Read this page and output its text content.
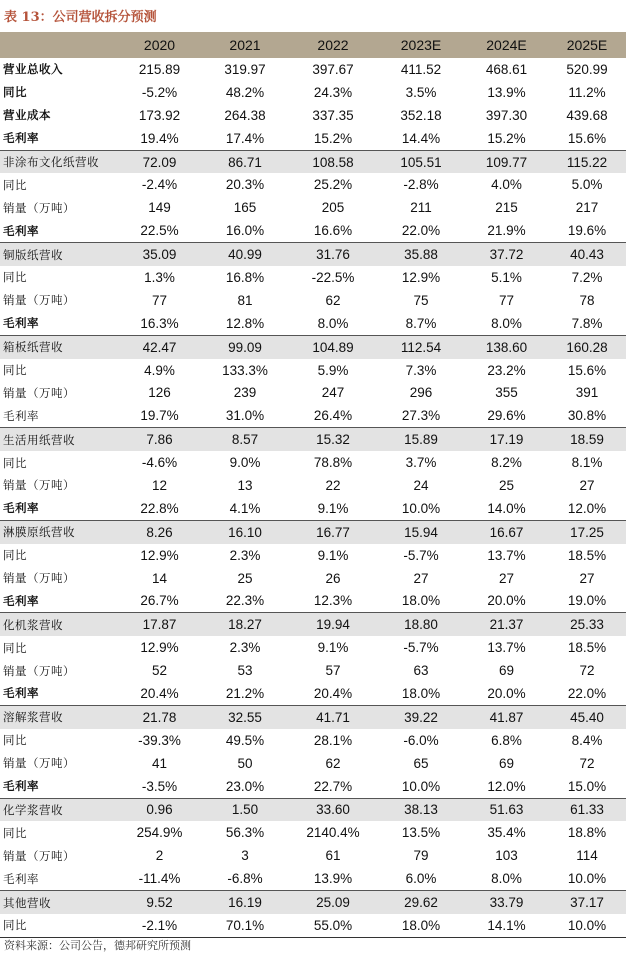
表 13：公司营收拆分预测
	2020	2021	2022	2023E	2024E	2025E
营业总收入	215.89	319.97	397.67	411.52	468.61	520.99
同比	-5.2%	48.2%	24.3%	3.5%	13.9%	11.2%
营业成本	173.92	264.38	337.35	352.18	397.30	439.68
毛利率	19.4%	17.4%	15.2%	14.4%	15.2%	15.6%
非涂布文化纸营收	72.09	86.71	108.58	105.51	109.77	115.22
同比	-2.4%	20.3%	25.2%	-2.8%	4.0%	5.0%
销量（万吨）	149	165	205	211	215	217
毛利率	22.5%	16.0%	16.6%	22.0%	21.9%	19.6%
铜版纸营收	35.09	40.99	31.76	35.88	37.72	40.43
同比	1.3%	16.8%	-22.5%	12.9%	5.1%	7.2%
销量（万吨）	77	81	62	75	77	78
毛利率	16.3%	12.8%	8.0%	8.7%	8.0%	7.8%
箱板纸营收	42.47	99.09	104.89	112.54	138.60	160.28
同比	4.9%	133.3%	5.9%	7.3%	23.2%	15.6%
销量（万吨）	126	239	247	296	355	391
毛利率	19.7%	31.0%	26.4%	27.3%	29.6%	30.8%
生活用纸营收	7.86	8.57	15.32	15.89	17.19	18.59
同比	-4.6%	9.0%	78.8%	3.7%	8.2%	8.1%
销量（万吨）	12	13	22	24	25	27
毛利率	22.8%	4.1%	9.1%	10.0%	14.0%	12.0%
淋膜原纸营收	8.26	16.10	16.77	15.94	16.67	17.25
同比	12.9%	2.3%	9.1%	-5.7%	13.7%	18.5%
销量（万吨）	14	25	26	27	27	27
毛利率	26.7%	22.3%	12.3%	18.0%	20.0%	19.0%
化机浆营收	17.87	18.27	19.94	18.80	21.37	25.33
同比	12.9%	2.3%	9.1%	-5.7%	13.7%	18.5%
销量（万吨）	52	53	57	63	69	72
毛利率	20.4%	21.2%	20.4%	18.0%	20.0%	22.0%
溶解浆营收	21.78	32.55	41.71	39.22	41.87	45.40
同比	-39.3%	49.5%	28.1%	-6.0%	6.8%	8.4%
销量（万吨）	41	50	62	65	69	72
毛利率	-3.5%	23.0%	22.7%	10.0%	12.0%	15.0%
化学浆营收	0.96	1.50	33.60	38.13	51.63	61.33
同比	254.9%	56.3%	2140.4%	13.5%	35.4%	18.8%
销量（万吨）	2	3	61	79	103	114
毛利率	-11.4%	-6.8%	13.9%	6.0%	8.0%	10.0%
其他营收	9.52	16.19	25.09	29.62	33.79	37.17
同比	-2.1%	70.1%	55.0%	18.0%	14.1%	10.0%
资料来源：公司公告，德邦研究所预测
